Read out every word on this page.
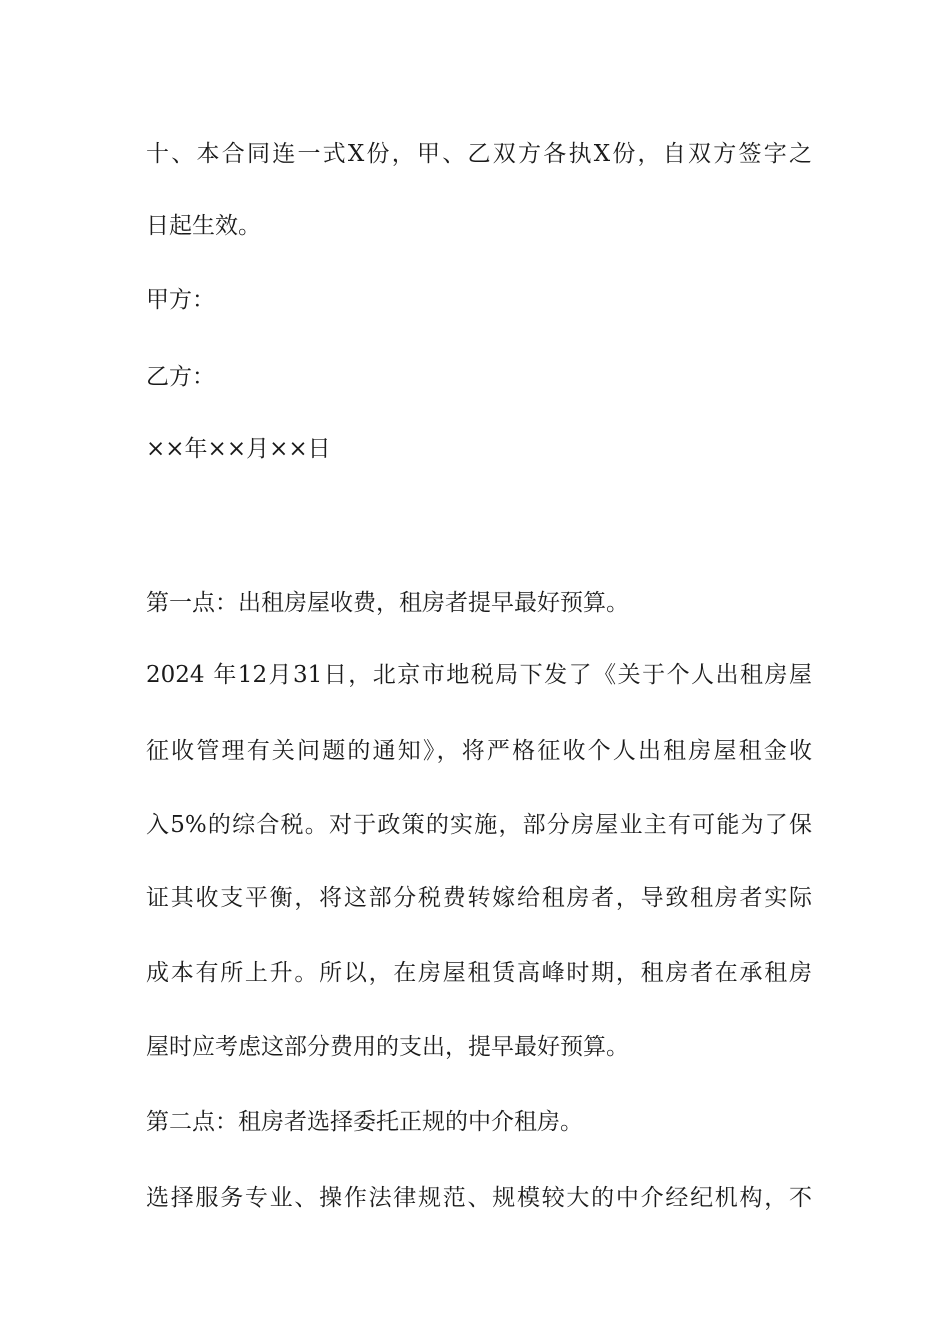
十、本合同连一式X份，甲、乙双方各执X份，自双方签字之
日起生效。
甲方：
乙方：
××年××月××日
第一点：出租房屋收费，租房者提早最好预算。
2024 年12月31日，北京市地税局下发了《关于个人出租房屋
征收管理有关问题的通知》，将严格征收个人出租房屋租金收
入5%的综合税。对于政策的实施，部分房屋业主有可能为了保
证其收支平衡，将这部分税费转嫁给租房者，导致租房者实际
成本有所上升。所以，在房屋租赁高峰时期，租房者在承租房
屋时应考虑这部分费用的支出，提早最好预算。
第二点：租房者选择委托正规的中介租房。
选择服务专业、操作法律规范、规模较大的中介经纪机构，不
